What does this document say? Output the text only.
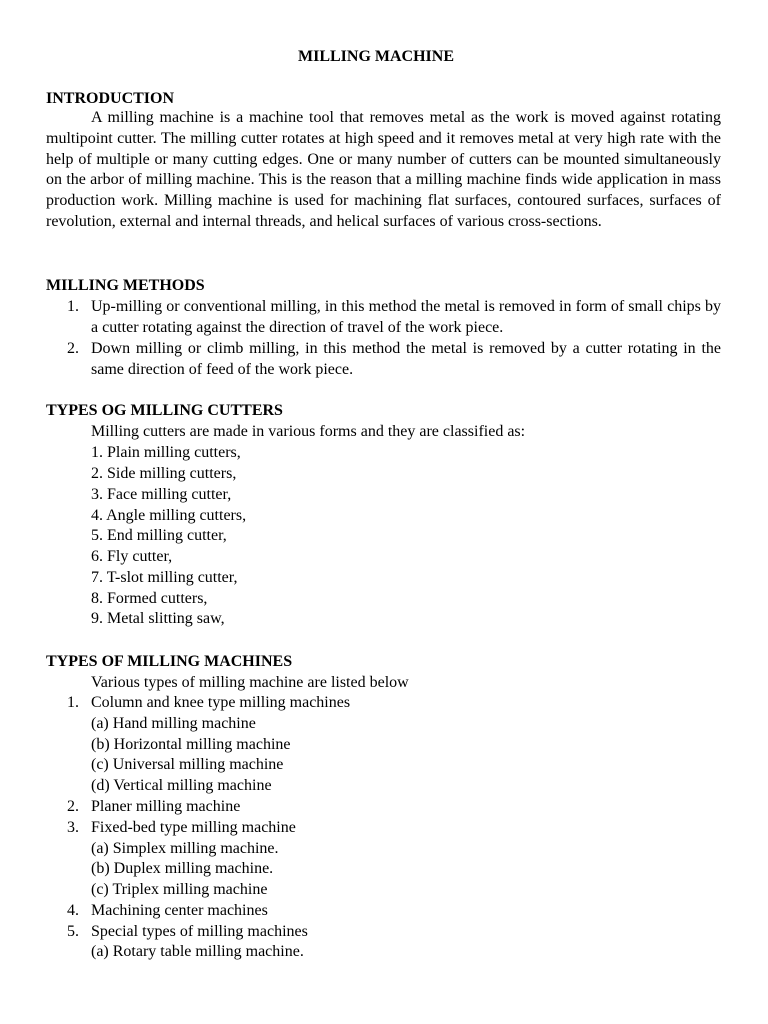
MILLING MACHINE
INTRODUCTION
A milling machine is a machine tool that removes metal as the work is moved against rotating multipoint cutter. The milling cutter rotates at high speed and it removes metal at very high rate with the help of multiple or many cutting edges. One or many number of cutters can be mounted simultaneously on the arbor of milling machine. This is the reason that a milling machine finds wide application in mass production work. Milling machine is used for machining flat surfaces, contoured surfaces, surfaces of revolution, external and internal threads, and helical surfaces of various cross-sections.
MILLING METHODS
1. Up-milling or conventional milling, in this method the metal is removed in form of small chips by a cutter rotating against the direction of travel of the work piece.
2. Down milling or climb milling, in this method the metal is removed by a cutter rotating in the same direction of feed of the work piece.
TYPES OG MILLING CUTTERS
Milling cutters are made in various forms and they are classified as:
1. Plain milling cutters,
2. Side milling cutters,
3. Face milling cutter,
4. Angle milling cutters,
5. End milling cutter,
6. Fly cutter,
7. T-slot milling cutter,
8. Formed cutters,
9. Metal slitting saw,
TYPES OF MILLING MACHINES
Various types of milling machine are listed below
1. Column and knee type milling machines
(a) Hand milling machine
(b) Horizontal milling machine
(c) Universal milling machine
(d) Vertical milling machine
2. Planer milling machine
3. Fixed-bed type milling machine
(a) Simplex milling machine.
(b) Duplex milling machine.
(c) Triplex milling machine
4. Machining center machines
5. Special types of milling machines
(a) Rotary table milling machine.
